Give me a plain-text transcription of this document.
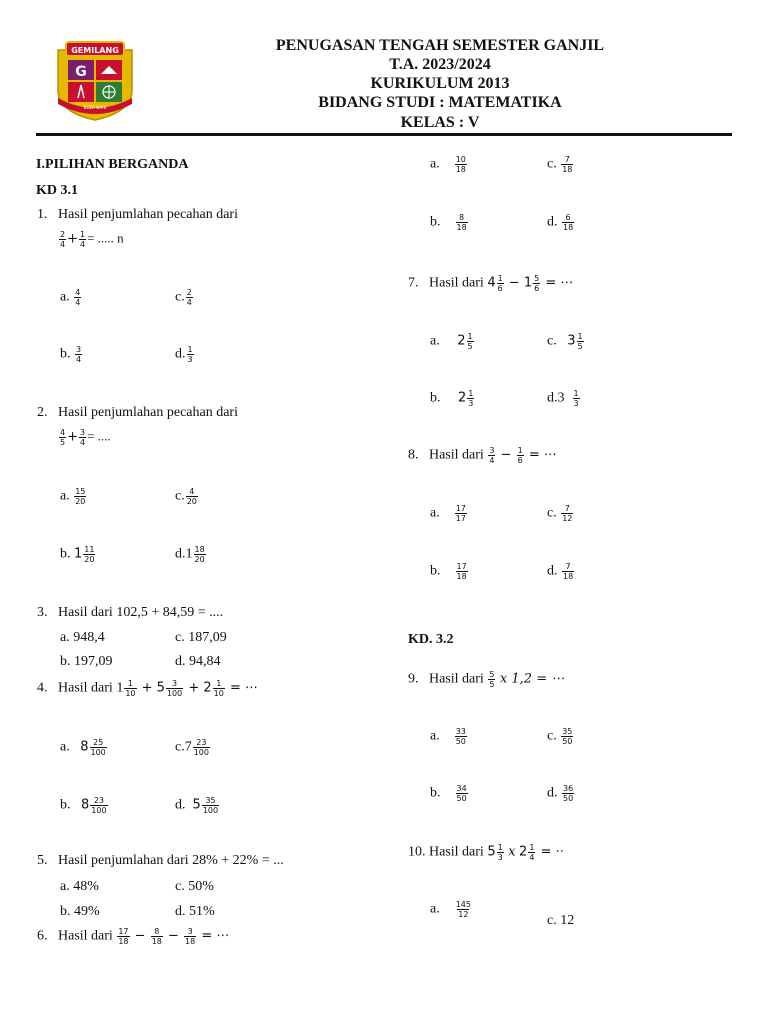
GEMILANG
G
BUDI BAIK
PENUGASAN TENGAH SEMESTER GANJIL
T.A. 2023/2024
KURIKULUM 2013
BIDANG STUDI : MATEMATIKA
KELAS : V
I.PILIHAN BERGANDA
KD 3.1
1. Hasil penjumlahan pecahan dari
$\frac{2}{4} + \frac{1}{4}$ = ..... n
a. $\frac{4}{4}$	c. $\frac{2}{4}$
b. $\frac{3}{4}$	d. $\frac{1}{3}$
2. Hasil penjumlahan pecahan dari
$\frac{4}{5} + \frac{3}{4}$ = ....
a. $\frac{15}{20}$	c. $\frac{4}{20}$
b. $1 \frac{11}{20}$	$d.1 \frac{18}{20}$
3. Hasil dari 102,5 + 84,59 = ....
a. 948,4	c. 187,09
b. 197,09	d. 94,84
4. Hasil dari $1 \frac{1}{10} + 5 \frac{3}{100} + 2 \frac{1}{10}$ = ⋯
a. $8 \frac{25}{100}$	$c.7 \frac{23}{100}$
b. $8 \frac{23}{100}$	d. $5 \frac{35}{100}$
5. Hasil penjumlahan dari 28% + 22% = ...
a. 48%	c. 50%
b. 49%	d. 51%
6. Hasil dari $\frac{17}{18} - \frac{8}{18} - \frac{3}{18}$ = ⋯
a. $\frac{10}{18}$	c. $\frac{7}{18}$
b. $\frac{8}{18}$	d. $\frac{6}{18}$
7. Hasil dari $4 \frac{1}{6} - 1 \frac{5}{6}$ = ⋯
a. $2 \frac{1}{5}$	c. $3 \frac{1}{5}$
b. $2 \frac{1}{3}$	$d.3 \frac{1}{3}$
8. Hasil dari $\frac{3}{4} - \frac{1}{6}$ = ⋯
a. $\frac{17}{17}$	c. $\frac{7}{12}$
b. $\frac{17}{18}$	d. $\frac{7}{18}$
KD. 3.2
9. Hasil dari $\frac{5}{5}$ x 1,2 = ⋯
a. $\frac{33}{50}$	c. $\frac{35}{50}$
b. $\frac{34}{50}$	d. $\frac{36}{50}$
10. Hasil dari $5 \frac{1}{3}$ x $2 \frac{1}{4}$ = ⋅⋅
a. $\frac{145}{12}$
c. 12
